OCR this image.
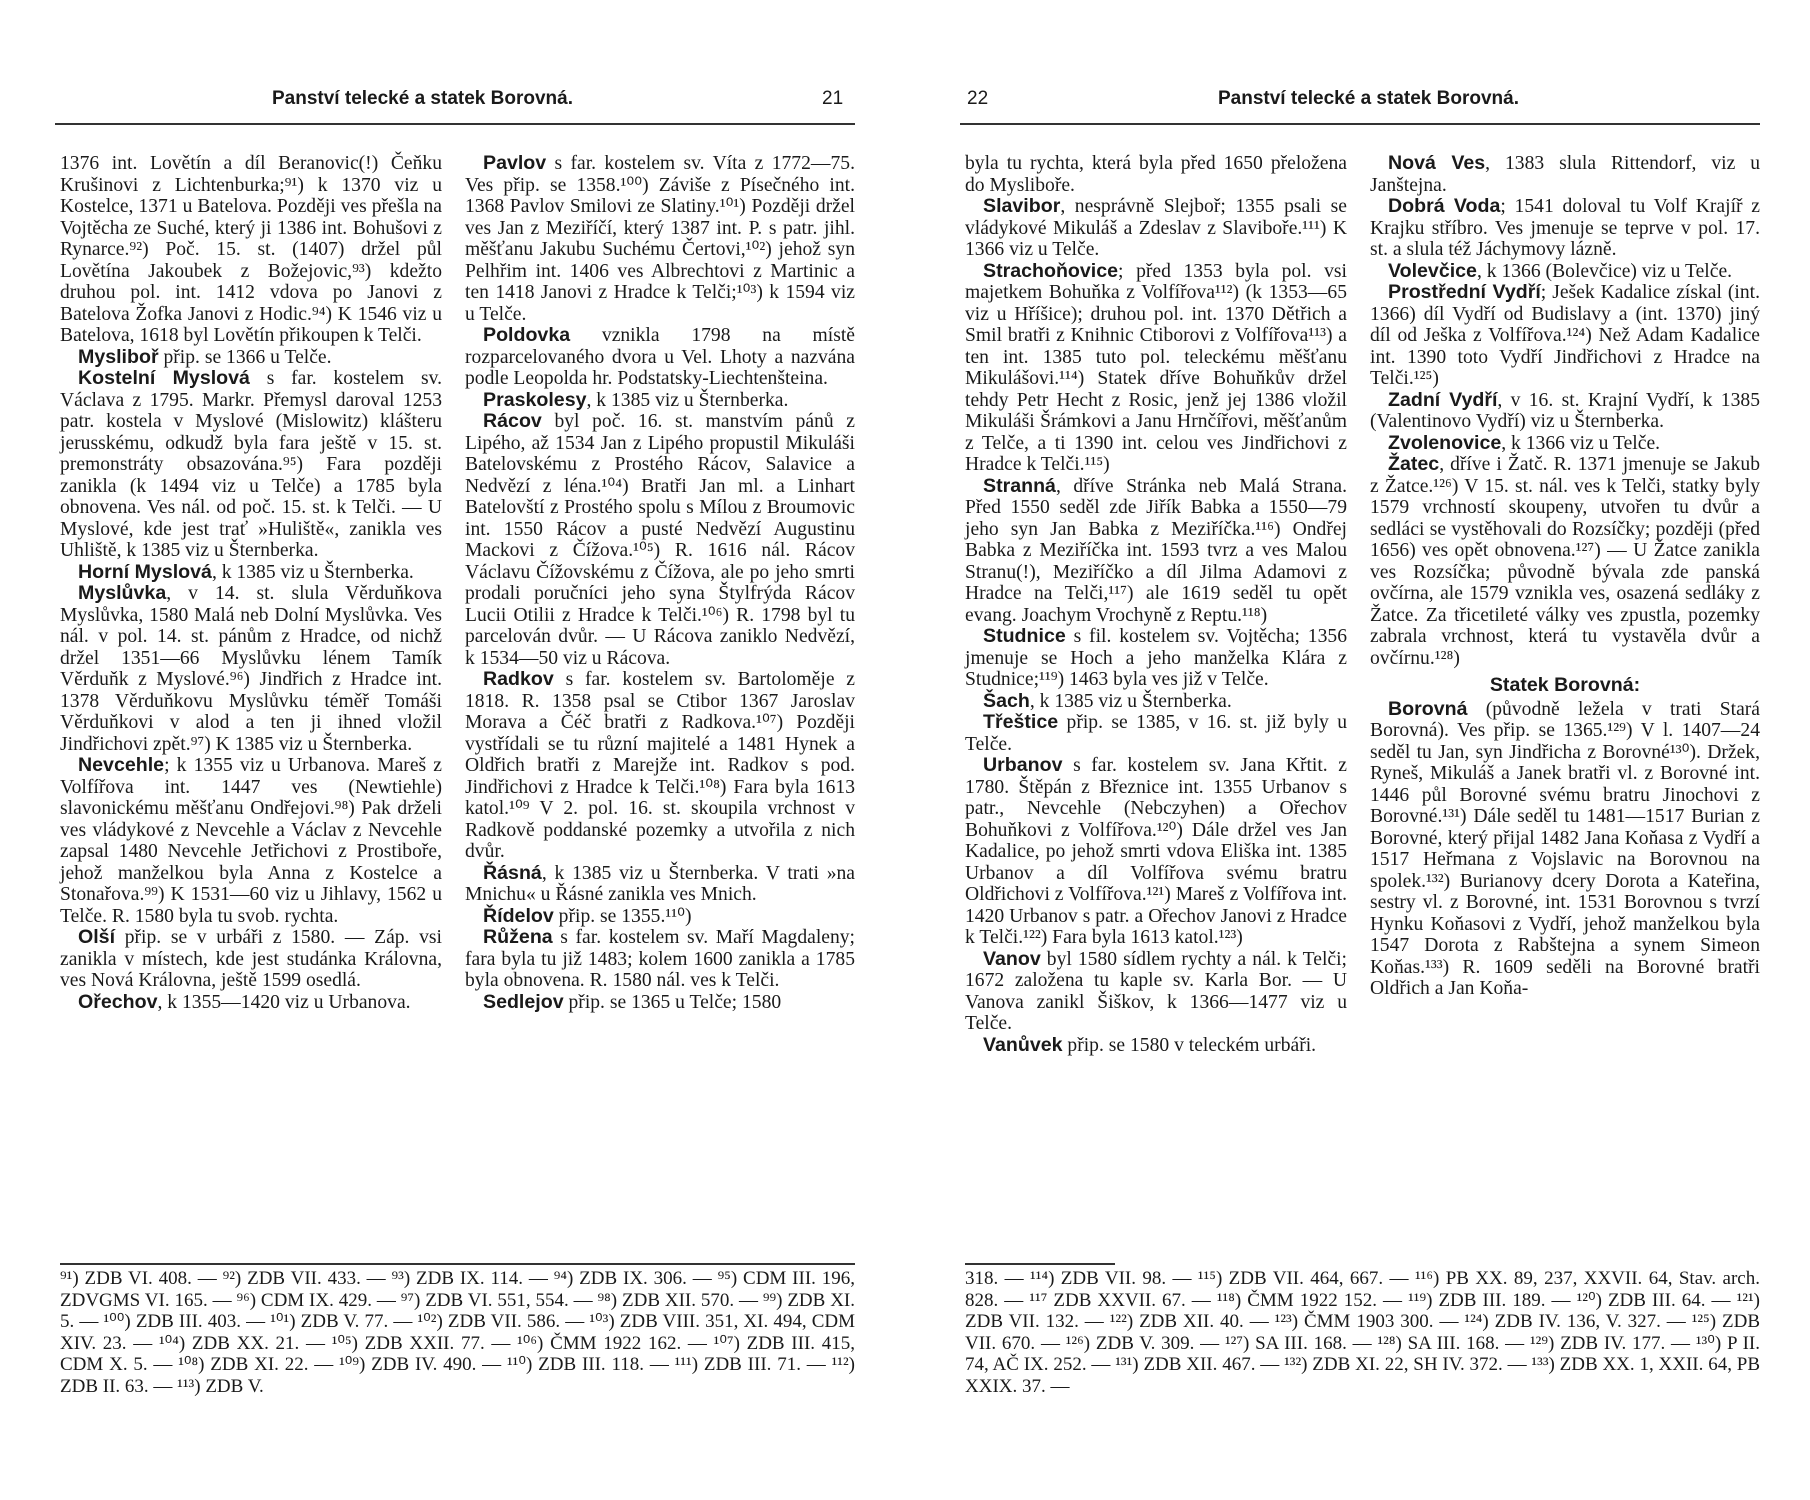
Panství telecké a statek Borovná.	21

1376 int. Lovětín a díl Beranovic(!) Čeňku Krušinovi z Lichtenburka;⁹¹) k 1370 viz u Kostelce, 1371 u Batelova. Později ves přešla na Vojtěcha ze Suché, který ji 1386 int. Bohušovi z Rynarce.⁹²) Poč. 15. st. (1407) držel půl Lovětína Jakoubek z Božejovic,⁹³) kdežto druhou pol. int. 1412 vdova po Janovi z Batelova Žofka Janovi z Hodic.⁹⁴) K 1546 viz u Batelova, 1618 byl Lovětín přikoupen k Telči.

Mysliboř přip. se 1366 u Telče.

Kostelní Myslová s far. kostelem sv. Václava z 1795. Markr. Přemysl daroval 1253 patr. kostela v Myslové (Mislowitz) klášteru jerusskému, odkudž byla fara ještě v 15. st. premonstráty obsazována.⁹⁵) Fara později zanikla (k 1494 viz u Telče) a 1785 byla obnovena. Ves nál. od poč. 15. st. k Telči. — U Myslové, kde jest trať »Huliště«, zanikla ves Uhliště, k 1385 viz u Šternberka.

Horní Myslová, k 1385 viz u Šternberka.

Myslůvka, v 14. st. slula Věrduňkova Myslůvka, 1580 Malá neb Dolní Myslůvka. Ves nál. v pol. 14. st. pánům z Hradce, od nichž držel 1351—66 Myslůvku lénem Tamík Věrduňk z Myslové.⁹⁶) Jindřich z Hradce int. 1378 Věrduňkovu Myslůvku téměř Tomáši Věrduňkovi v alod a ten ji ihned vložil Jindřichovi zpět.⁹⁷) K 1385 viz u Šternberka.

Nevcehle; k 1355 viz u Urbanova. Mareš z Volfířova int. 1447 ves (Newtiehle) slavonickému měšťanu Ondřejovi.⁹⁸) Pak drželi ves vládykové z Nevcehle a Václav z Nevcehle zapsal 1480 Nevcehle Jetřichovi z Prostiboře, jehož manželkou byla Anna z Kostelce a Stonařova.⁹⁹) K 1531—60 viz u Jihlavy, 1562 u Telče. R. 1580 byla tu svob. rychta.

Olší přip. se v urbáři z 1580. — Záp. vsi zanikla v místech, kde jest studánka Královna, ves Nová Královna, ještě 1599 osedlá.

Ořechov, k 1355—1420 viz u Urbanova.

Pavlov s far. kostelem sv. Víta z 1772—75. Ves přip. se 1358.¹⁰⁰) Záviše z Písečného int. 1368 Pavlov Smilovi ze Slatiny.¹⁰¹) Později držel ves Jan z Meziříčí, který 1387 int. P. s patr. jihl. měšťanu Jakubu Suchému Čertovi,¹⁰²) jehož syn Pelhřim int. 1406 ves Albrechtovi z Martinic a ten 1418 Janovi z Hradce k Telči;¹⁰³) k 1594 viz u Telče.

Poldovka vznikla 1798 na místě rozparcelovaného dvora u Vel. Lhoty a nazvána podle Leopolda hr. Podstatsky-Liechtenšteina.

Praskolesy, k 1385 viz u Šternberka.

Rácov byl poč. 16. st. manstvím pánů z Lipého, až 1534 Jan z Lipého propustil Mikuláši Batelovskému z Prostého Rácov, Salavice a Nedvězí z léna.¹⁰⁴) Bratři Jan ml. a Linhart Batelovští z Prostého spolu s Mílou z Broumovic int. 1550 Rácov a pusté Nedvězí Augustinu Mackovi z Čížova.¹⁰⁵) R. 1616 nál. Rácov Václavu Čížovskému z Čížova, ale po jeho smrti prodali poručníci jeho syna Štylfrýda Rácov Lucii Otilii z Hradce k Telči.¹⁰⁶) R. 1798 byl tu parcelován dvůr. — U Rácova zaniklo Nedvězí, k 1534—50 viz u Rácova.

Radkov s far. kostelem sv. Bartoloměje z 1818. R. 1358 psal se Ctibor 1367 Jaroslav Morava a Čéč bratři z Radkova.¹⁰⁷) Později vystřídali se tu různí majitelé a 1481 Hynek a Oldřich bratři z Marejže int. Radkov s pod. Jindřichovi z Hradce k Telči.¹⁰⁸) Fara byla 1613 katol.¹⁰⁹ V 2. pol. 16. st. skoupila vrchnost v Radkově poddanské pozemky a utvořila z nich dvůr.

Řásná, k 1385 viz u Šternberka. V trati »na Mnichu« u Řásné zanikla ves Mnich.

Řídelov přip. se 1355.¹¹⁰)

Růžena s far. kostelem sv. Maří Magdaleny; fara byla tu již 1483; kolem 1600 zanikla a 1785 byla obnovena. R. 1580 nál. ves k Telči.

Sedlejov přip. se 1365 u Telče; 1580

⁹¹) ZDB VI. 408. — ⁹²) ZDB VII. 433. — ⁹³) ZDB IX. 114. — ⁹⁴) ZDB IX. 306. — ⁹⁵) CDM III. 196, ZDVGMS VI. 165. — ⁹⁶) CDM IX. 429. — ⁹⁷) ZDB VI. 551, 554. — ⁹⁸) ZDB XII. 570. — ⁹⁹) ZDB XI. 5. — ¹⁰⁰) ZDB III. 403. — ¹⁰¹) ZDB V. 77. — ¹⁰²) ZDB VII. 586. — ¹⁰³) ZDB VIII. 351, XI. 494, CDM XIV. 23. — ¹⁰⁴) ZDB XX. 21. — ¹⁰⁵) ZDB XXII. 77. — ¹⁰⁶) ČMM 1922 162. — ¹⁰⁷) ZDB III. 415, CDM X. 5. — ¹⁰⁸) ZDB XI. 22. — ¹⁰⁹) ZDB IV. 490. — ¹¹⁰) ZDB III. 118. — ¹¹¹) ZDB III. 71. — ¹¹²) ZDB II. 63. — ¹¹³) ZDB V.

22	Panství telecké a statek Borovná.

byla tu rychta, která byla před 1650 přeložena do Myslibořе.

Slavibor, nesprávně Slejboř; 1355 psali se vládykové Mikuláš a Zdeslav z Slaviboře.¹¹¹) K 1366 viz u Telče.

Strachoňovice; před 1353 byla pol. vsi majetkem Bohuňka z Volfířova¹¹²) (k 1353—65 viz u Hříšice); druhou pol. int. 1370 Dětřich a Smil bratři z Knihnic Ctiborovi z Volfířova¹¹³) a ten int. 1385 tuto pol. teleckému měšťanu Mikulášovi.¹¹⁴) Statek dříve Bohuňkův držel tehdy Petr Hecht z Rosic, jenž jej 1386 vložil Mikuláši Šrámkovi a Janu Hrnčířovi, měšťanům z Telče, a ti 1390 int. celou ves Jindřichovi z Hradce k Telči.¹¹⁵)

Stranná, dříve Stránka neb Malá Strana. Před 1550 seděl zde Jiřík Babka a 1550—79 jeho syn Jan Babka z Meziříčka.¹¹⁶) Ondřej Babka z Meziříčka int. 1593 tvrz a ves Malou Stranu(!), Meziříčko a díl Jilma Adamovi z Hradce na Telči,¹¹⁷) ale 1619 seděl tu opět evang. Joachym Vrochyně z Reptu.¹¹⁸)

Studnice s fil. kostelem sv. Vojtěcha; 1356 jmenuje se Hoch a jeho manželka Klára z Studnice;¹¹⁹) 1463 byla ves již v Telče.

Šach, k 1385 viz u Šternberka.

Třeštice přip. se 1385, v 16. st. již byly u Telče.

Urbanov s far. kostelem sv. Jana Křtit. z 1780. Štěpán z Březnice int. 1355 Urbanov s patr., Nevcehle (Nebczyhen) a Ořechov Bohuňkovi z Volfířova.¹²⁰) Dále držel ves Jan Kadalice, po jehož smrti vdova Eliška int. 1385 Urbanov a díl Volfířova svému bratru Oldřichovi z Volfířova.¹²¹) Mareš z Volfířova int. 1420 Urbanov s patr. a Ořechov Janovi z Hradce k Telči.¹²²) Fara byla 1613 katol.¹²³)

Vanov byl 1580 sídlem rychty a nál. k Telči; 1672 založena tu kaple sv. Karla Bor. — U Vanova zanikl Šiškov, k 1366—1477 viz u Telče.

Vanůvek přip. se 1580 v teleckém urbáři.

Nová Ves, 1383 slula Rittendorf, viz u Janštejna.

Dobrá Voda; 1541 doloval tu Volf Krajíř z Krajku stříbro. Ves jmenuje se teprve v pol. 17. st. a slula též Jáchymovy lázně.

Volevčice, k 1366 (Bolevčice) viz u Telče.

Prostřední Vydří; Ješek Kadalice získal (int. 1366) díl Vydří od Budislavy a (int. 1370) jiný díl od Ješka z Volfířova.¹²⁴) Než Adam Kadalice int. 1390 toto Vydří Jindřichovi z Hradce na Telči.¹²⁵)

Zadní Vydří, v 16. st. Krajní Vydří, k 1385 (Valentinovo Vydří) viz u Šternberka.

Zvolenovice, k 1366 viz u Telče.

Žatec, dříve i Žatč. R. 1371 jmenuje se Jakub z Žatce.¹²⁶) V 15. st. nál. ves k Telči, statky byly 1579 vrchností skoupeny, utvořen tu dvůr a sedláci se vystěhovali do Rozsíčky; později (před 1656) ves opět obnovena.¹²⁷) — U Žatce zanikla ves Rozsíčka; původně bývala zde panská ovčírna, ale 1579 vznikla ves, osazená sedláky z Žatce. Za třicetileté války ves zpustla, pozemky zabrala vrchnost, která tu vystavěla dvůr a ovčírnu.¹²⁸)

Statek Borovná:

Borovná (původně ležela v trati Stará Borovná). Ves přip. se 1365.¹²⁹) V l. 1407—24 seděl tu Jan, syn Jindřicha z Borovné¹³⁰). Držek, Ryneš, Mikuláš a Janek bratři vl. z Borovné int. 1446 půl Borovné svému bratru Jinochovi z Borovné.¹³¹) Dále seděl tu 1481—1517 Burian z Borovné, který přijal 1482 Jana Koňasa z Vydří a 1517 Heřmana z Vojslavic na Borovnou na spolek.¹³²) Burianovy dcery Dorota a Kateřina, sestry vl. z Borovné, int. 1531 Borovnou s tvrzí Hynku Koňasovi z Vydří, jehož manželkou byla 1547 Dorota z Rabštejna a synem Simeon Koňas.¹³³) R. 1609 seděli na Borovné bratři Oldřich a Jan Koňa-

318. — ¹¹⁴) ZDB VII. 98. — ¹¹⁵) ZDB VII. 464, 667. — ¹¹⁶) PB XX. 89, 237, XXVII. 64, Stav. arch. 828. — ¹¹⁷ ZDB XXVII. 67. — ¹¹⁸) ČMM 1922 152. — ¹¹⁹) ZDB III. 189. — ¹²⁰) ZDB III. 64. — ¹²¹) ZDB VII. 132. — ¹²²) ZDB XII. 40. — ¹²³) ČMM 1903 300. — ¹²⁴) ZDB IV. 136, V. 327. — ¹²⁵) ZDB VII. 670. — ¹²⁶) ZDB V. 309. — ¹²⁷) SA III. 168. — ¹²⁸) SA III. 168. — ¹²⁹) ZDB IV. 177. — ¹³⁰) P II. 74, AČ IX. 252. — ¹³¹) ZDB XII. 467. — ¹³²) ZDB XI. 22, SH IV. 372. — ¹³³) ZDB XX. 1, XXII. 64, PB XXIX. 37. —
